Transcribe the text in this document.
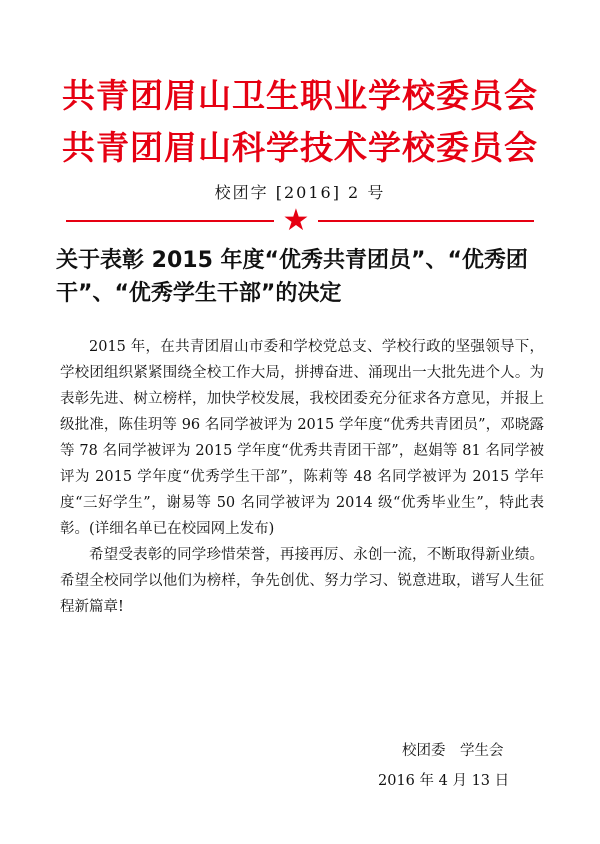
共青团眉山卫生职业学校委员会
共青团眉山科学技术学校委员会
校团字 [2016] 2 号
★
关于表彰 2015 年度“优秀共青团员”、“优秀团干”、“优秀学生干部”的决定

2015 年，在共青团眉山市委和学校党总支、学校行政的坚强领导下，学校团组织紧紧围绕全校工作大局，拼搏奋进、涌现出一大批先进个人。为表彰先进、树立榜样，加快学校发展，我校团委充分征求各方意见，并报上级批准，陈佳玥等 96 名同学被评为 2015 学年度“优秀共青团员”，邓晓露等 78 名同学被评为 2015 学年度“优秀共青团干部”，赵娟等 81 名同学被评为 2015 学年度“优秀学生干部”，陈莉等 48 名同学被评为 2015 学年度“三好学生”，谢易等 50 名同学被评为 2014 级“优秀毕业生”，特此表彰。(详细名单已在校园网上发布)

希望受表彰的同学珍惜荣誉，再接再厉、永创一流，不断取得新业绩。希望全校同学以他们为榜样，争先创优、努力学习、锐意进取，谱写人生征程新篇章!

校团委　学生会
2016 年 4 月 13 日
